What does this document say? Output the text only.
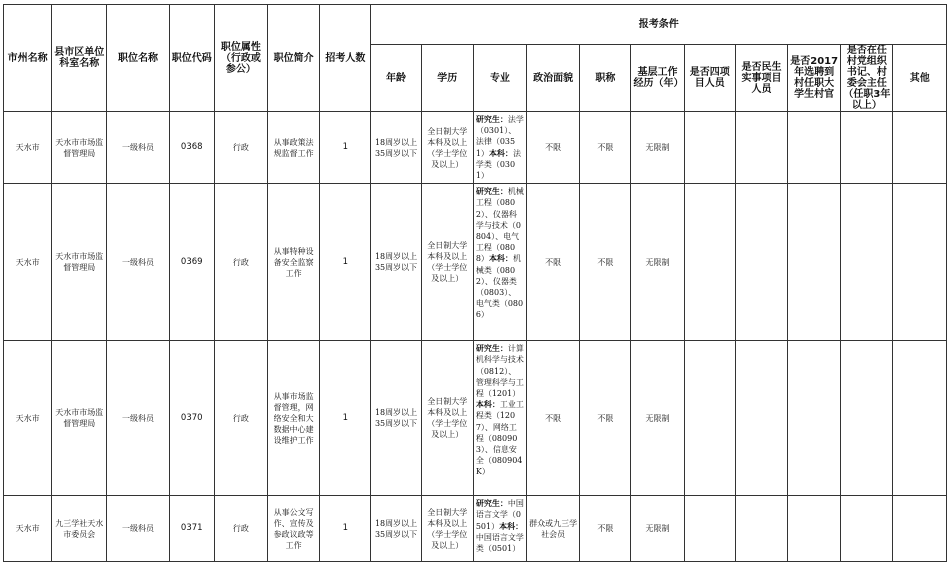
市州名称	县市区单位科室名称	职位名称	职位代码	职位属性（行政或参公）	职位简介	招考人数	报考条件										
							年龄	学历	专业	政治面貌	职称	基层工作经历（年）	是否四项目人员	是否民生实事项目人员	是否2017年选聘到村任职大学生村官	是否在任村党组织书记、村委会主任（任职3年以上）	其他
天水市	天水市市场监督管理局	一级科员	0368	行政	从事政策法规监督工作	1	18周岁以上35周岁以下	全日制大学本科及以上（学士学位及以上）	研究生：法学（0301）、法律（0351）本科：法学类（0301）	不限	不限	无限制					
天水市	天水市市场监督管理局	一级科员	0369	行政	从事特种设备安全监察工作	1	18周岁以上35周岁以下	全日制大学本科及以上（学士学位及以上）	研究生：机械工程（0802）、仪器科学与技术（0804）、电气工程（0808）本科：机械类（0802）、仪器类（0803）、电气类（0806）	不限	不限	无限制					
天水市	天水市市场监督管理局	一级科员	0370	行政	从事市场监督管理，网络安全和大数据中心建设维护工作	1	18周岁以上35周岁以下	全日制大学本科及以上（学士学位及以上）	研究生：计算机科学与技术（0812）、管理科学与工程（1201）本科：工业工程类（1207）、网络工程（080903）、信息安全（080904K）	不限	不限	无限制					
天水市	九三学社天水市委员会	一级科员	0371	行政	从事公文写作、宣传及参政议政等工作	1	18周岁以上35周岁以下	全日制大学本科及以上（学士学位及以上）	研究生：中国语言文学（0501）本科：中国语言文学类（0501）	群众或九三学社会员	不限	无限制					
